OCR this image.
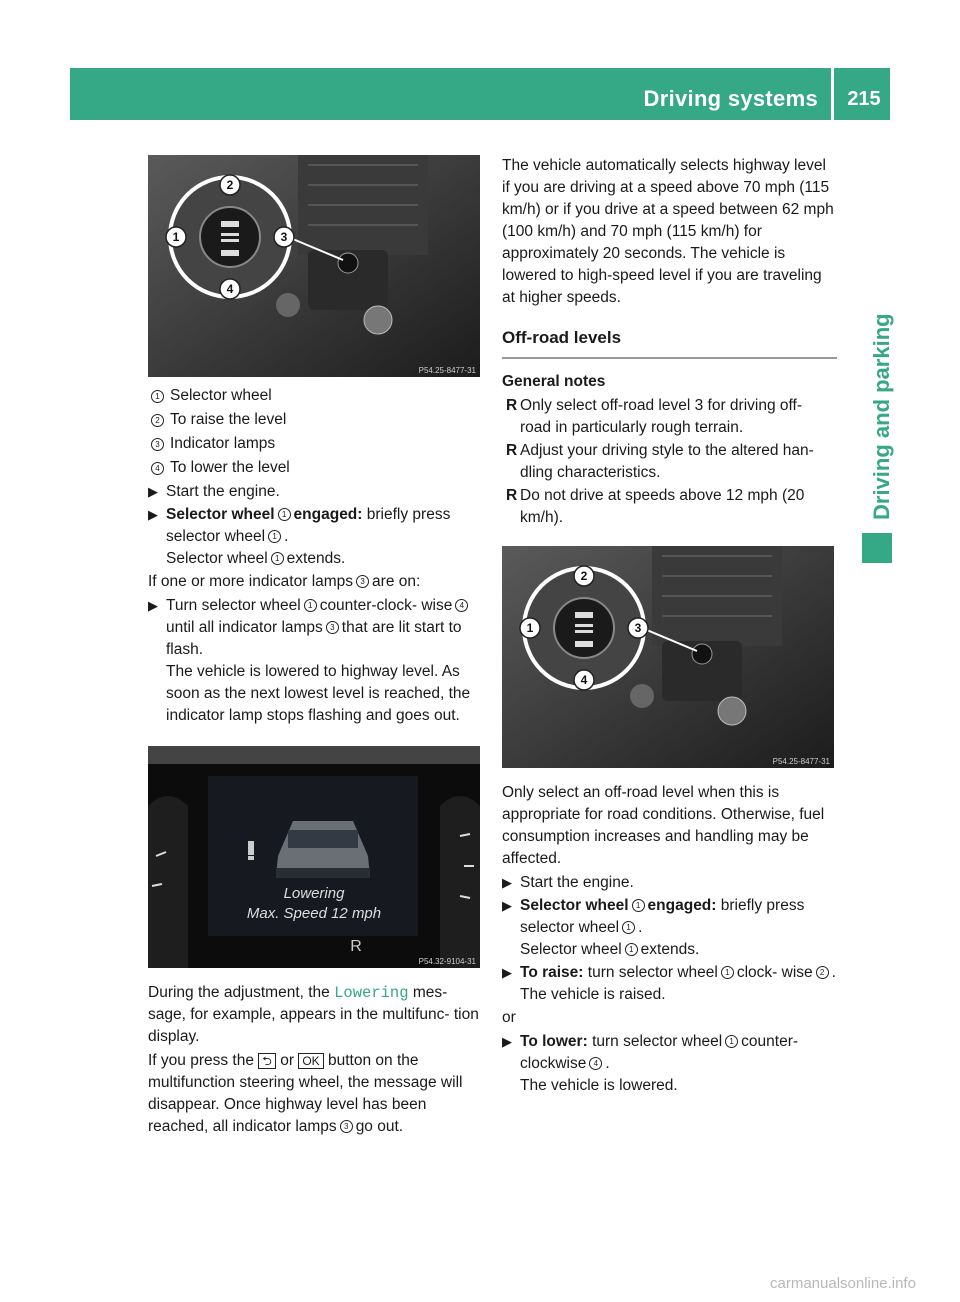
Driving systems	215
Driving and parking
2
1	3
4
P54.25-8477-31
1 Selector wheel
2 To raise the level
3 Indicator lamps
4 To lower the level
▶ Start the engine.
▶ Selector wheel 1 engaged: briefly press selector wheel 1 .
Selector wheel 1 extends.
If one or more indicator lamps 3 are on:
▶ Turn selector wheel 1 counter-clock- wise 4until all indicator lamps 3 that are lit start to flash.
The vehicle is lowered to highway level. As soon as the next lowest level is reached, the indicator lamp stops flashing and goes out.
Lowering
Max. Speed 12 mph
R
P54.32-9104-31
During the adjustment, the Lowering mes- sage, for example, appears in the multifunc- tion display.
If you press the ⮌ or OK button on the multifunction steering wheel, the message will disappear. Once highway level has been reached, all indicator lamps 3 go out.
The vehicle automatically selects highway level if you are driving at a speed above 70 mph (115 km/h) or if you drive at a speed between 62 mph (100 km/h) and 70 mph (115 km/h) for approximately 20 seconds. The vehicle is lowered to high-speed level if you are traveling at higher speeds.
Off-road levels
General notes
R Only select off-road level 3 for driving off- road in particularly rough terrain.
R Adjust your driving style to the altered han- dling characteristics.
R Do not drive at speeds above 12 mph (20 km/h).
2
1	3
4
P54.25-8477-31
Only select an off-road level when this is appropriate for road conditions. Otherwise, fuel consumption increases and handling may be affected.
▶ Start the engine.
▶ Selector wheel 1 engaged: briefly press selector wheel 1 .
Selector wheel 1 extends.
▶ To raise: turn selector wheel 1 clock- wise 2 .
The vehicle is raised.
or
▶ To lower: turn selector wheel 1 counter- clockwise 4 .
The vehicle is lowered.
carmanualsonline.info
